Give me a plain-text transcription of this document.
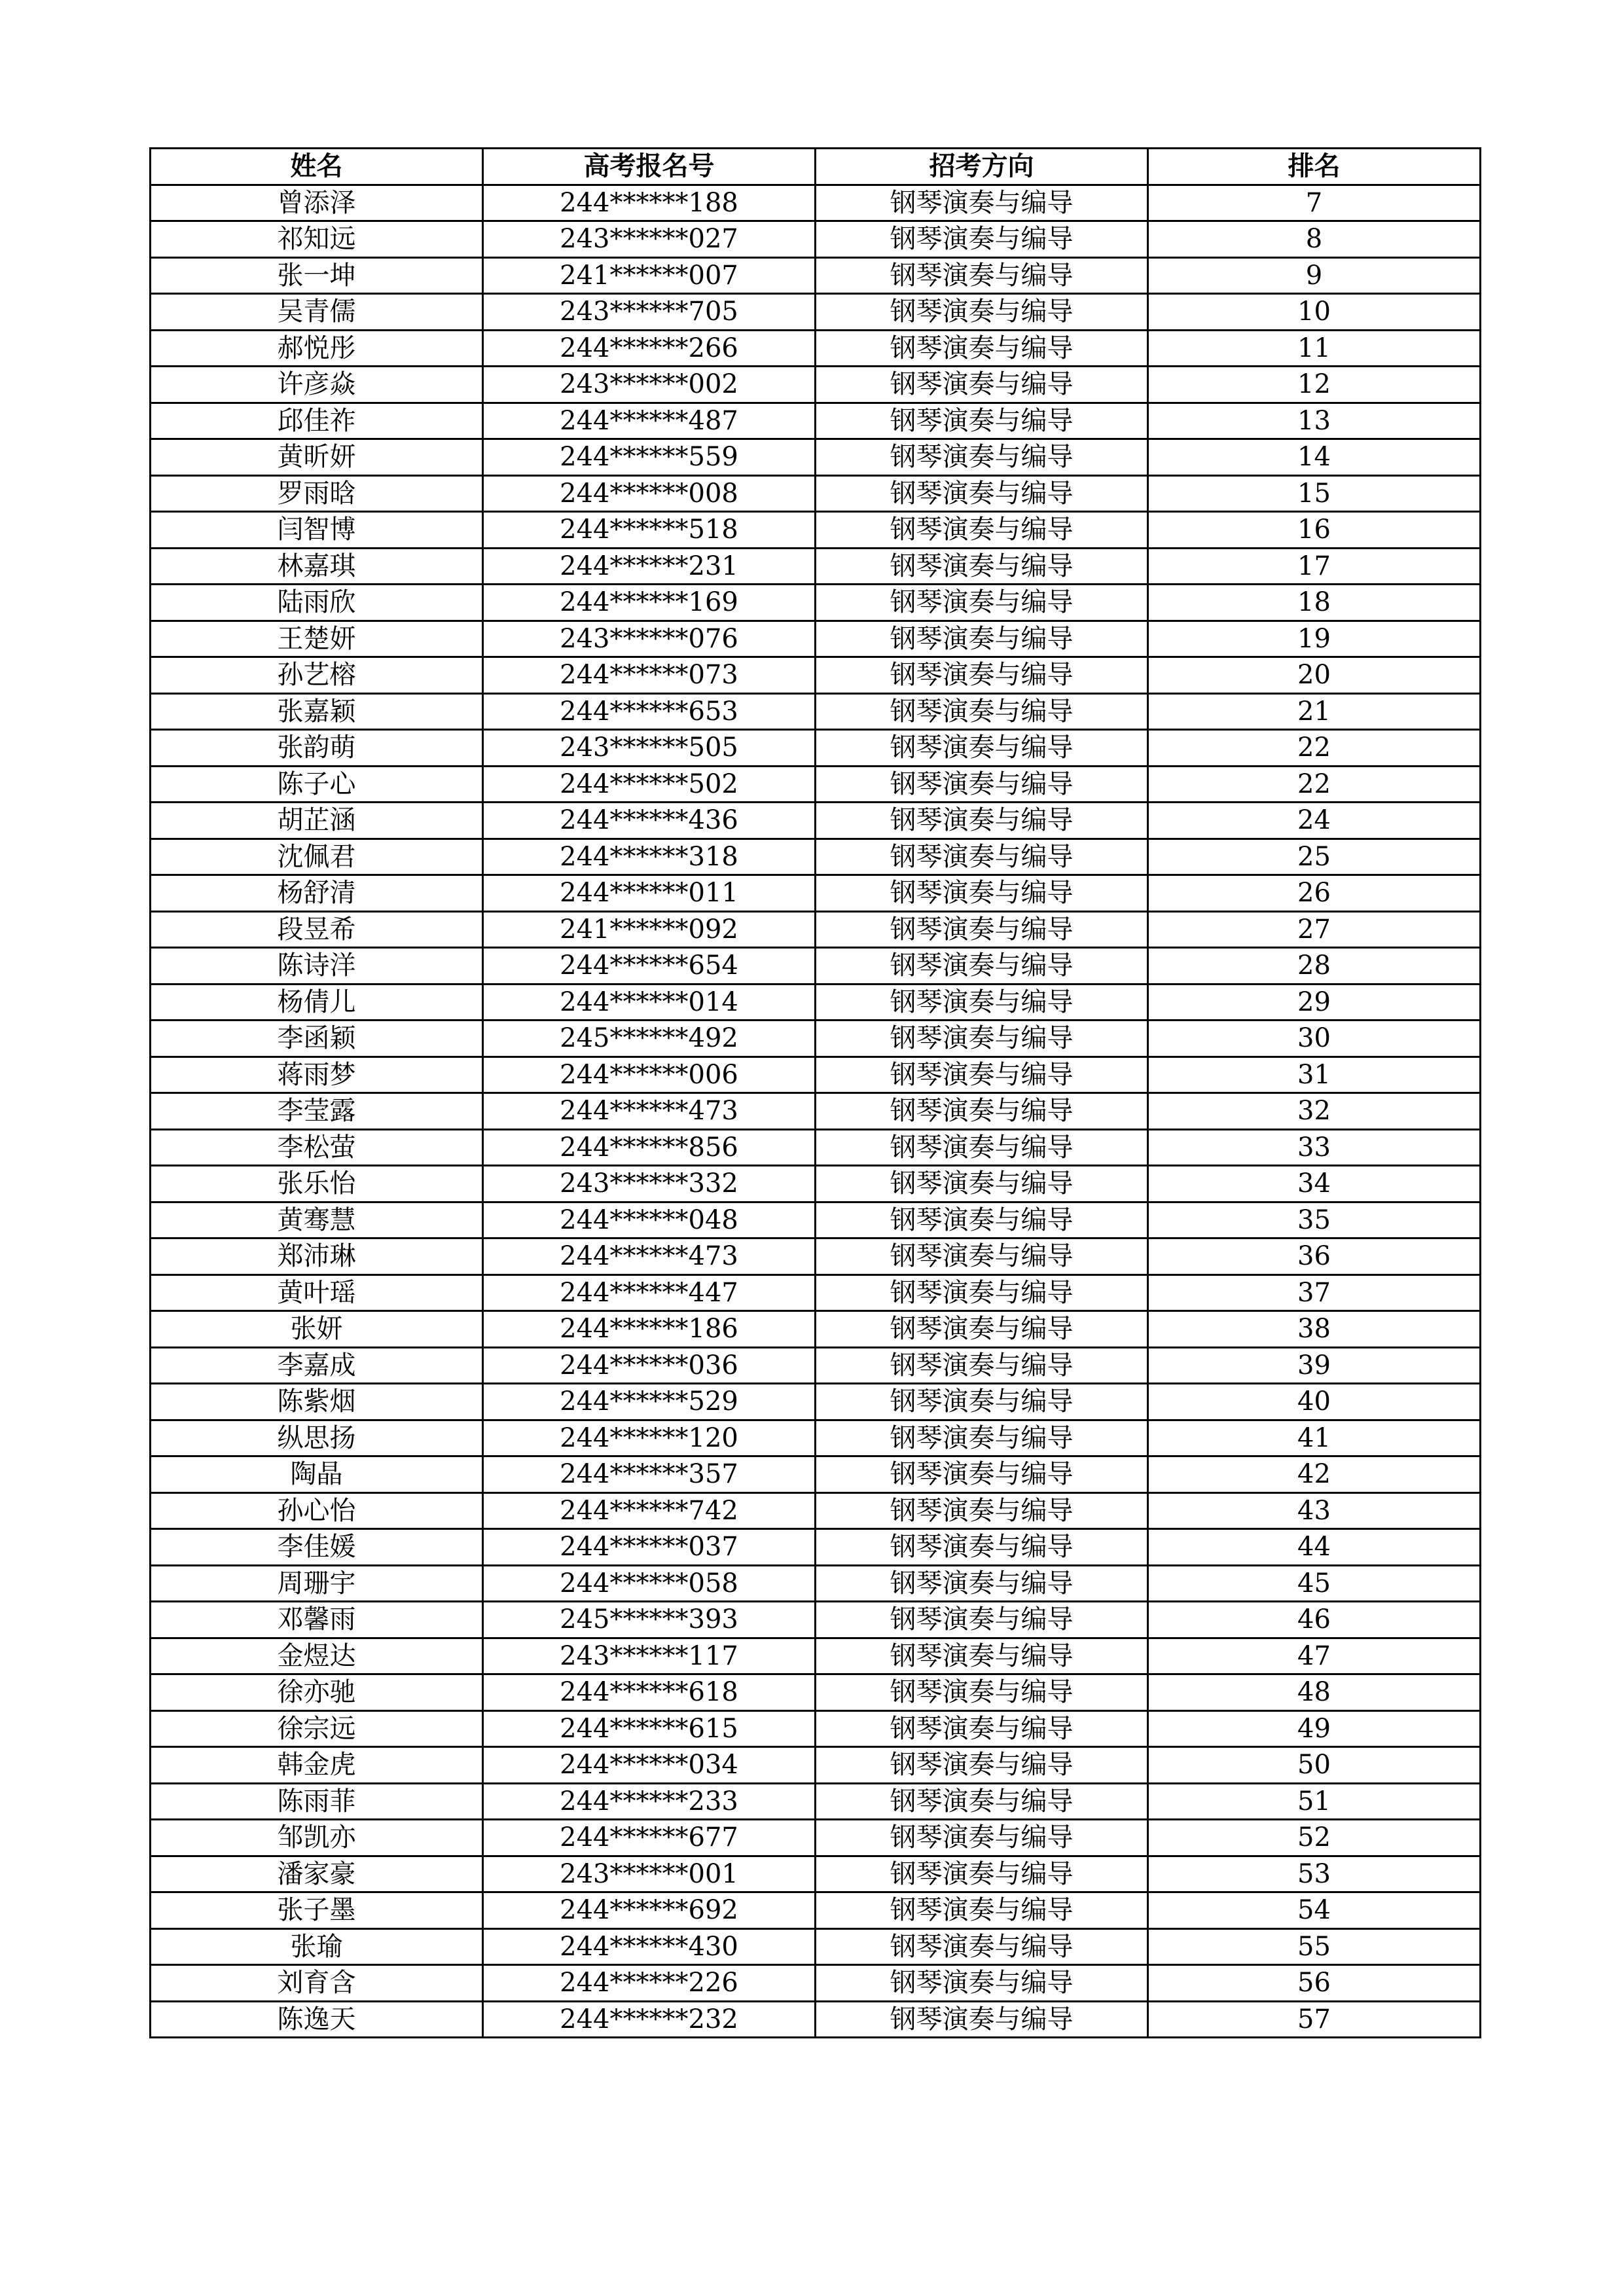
姓名	高考报名号	招考方向	排名
曾添泽	244******188	钢琴演奏与编导	7
祁知远	243******027	钢琴演奏与编导	8
张一坤	241******007	钢琴演奏与编导	9
吴青儒	243******705	钢琴演奏与编导	10
郝悦彤	244******266	钢琴演奏与编导	11
许彦焱	243******002	钢琴演奏与编导	12
邱佳祚	244******487	钢琴演奏与编导	13
黄昕妍	244******559	钢琴演奏与编导	14
罗雨晗	244******008	钢琴演奏与编导	15
闫智博	244******518	钢琴演奏与编导	16
林嘉琪	244******231	钢琴演奏与编导	17
陆雨欣	244******169	钢琴演奏与编导	18
王楚妍	243******076	钢琴演奏与编导	19
孙艺榕	244******073	钢琴演奏与编导	20
张嘉颖	244******653	钢琴演奏与编导	21
张韵萌	243******505	钢琴演奏与编导	22
陈子心	244******502	钢琴演奏与编导	22
胡芷涵	244******436	钢琴演奏与编导	24
沈佩君	244******318	钢琴演奏与编导	25
杨舒清	244******011	钢琴演奏与编导	26
段昱希	241******092	钢琴演奏与编导	27
陈诗洋	244******654	钢琴演奏与编导	28
杨倩儿	244******014	钢琴演奏与编导	29
李函颖	245******492	钢琴演奏与编导	30
蒋雨梦	244******006	钢琴演奏与编导	31
李莹露	244******473	钢琴演奏与编导	32
李松萤	244******856	钢琴演奏与编导	33
张乐怡	243******332	钢琴演奏与编导	34
黄骞慧	244******048	钢琴演奏与编导	35
郑沛琳	244******473	钢琴演奏与编导	36
黄叶瑶	244******447	钢琴演奏与编导	37
张妍	244******186	钢琴演奏与编导	38
李嘉成	244******036	钢琴演奏与编导	39
陈紫烟	244******529	钢琴演奏与编导	40
纵思扬	244******120	钢琴演奏与编导	41
陶晶	244******357	钢琴演奏与编导	42
孙心怡	244******742	钢琴演奏与编导	43
李佳媛	244******037	钢琴演奏与编导	44
周珊宇	244******058	钢琴演奏与编导	45
邓馨雨	245******393	钢琴演奏与编导	46
金煜达	243******117	钢琴演奏与编导	47
徐亦驰	244******618	钢琴演奏与编导	48
徐宗远	244******615	钢琴演奏与编导	49
韩金虎	244******034	钢琴演奏与编导	50
陈雨菲	244******233	钢琴演奏与编导	51
邹凯亦	244******677	钢琴演奏与编导	52
潘家豪	243******001	钢琴演奏与编导	53
张子墨	244******692	钢琴演奏与编导	54
张瑜	244******430	钢琴演奏与编导	55
刘育含	244******226	钢琴演奏与编导	56
陈逸天	244******232	钢琴演奏与编导	57
